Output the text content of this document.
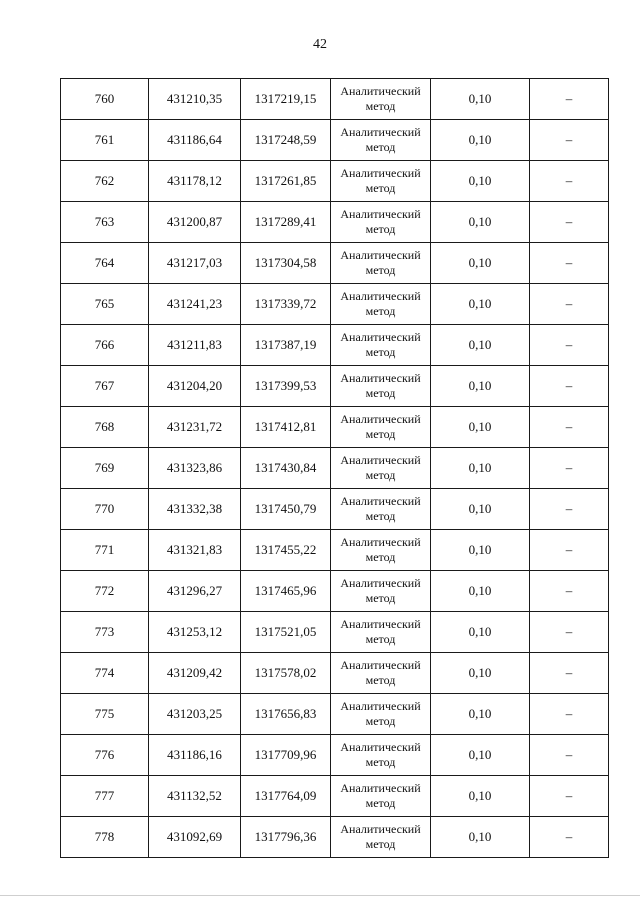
42
760	431210,35	1317219,15	Аналитический метод	0,10	–
761	431186,64	1317248,59	Аналитический метод	0,10	–
762	431178,12	1317261,85	Аналитический метод	0,10	–
763	431200,87	1317289,41	Аналитический метод	0,10	–
764	431217,03	1317304,58	Аналитический метод	0,10	–
765	431241,23	1317339,72	Аналитический метод	0,10	–
766	431211,83	1317387,19	Аналитический метод	0,10	–
767	431204,20	1317399,53	Аналитический метод	0,10	–
768	431231,72	1317412,81	Аналитический метод	0,10	–
769	431323,86	1317430,84	Аналитический метод	0,10	–
770	431332,38	1317450,79	Аналитический метод	0,10	–
771	431321,83	1317455,22	Аналитический метод	0,10	–
772	431296,27	1317465,96	Аналитический метод	0,10	–
773	431253,12	1317521,05	Аналитический метод	0,10	–
774	431209,42	1317578,02	Аналитический метод	0,10	–
775	431203,25	1317656,83	Аналитический метод	0,10	–
776	431186,16	1317709,96	Аналитический метод	0,10	–
777	431132,52	1317764,09	Аналитический метод	0,10	–
778	431092,69	1317796,36	Аналитический метод	0,10	–
